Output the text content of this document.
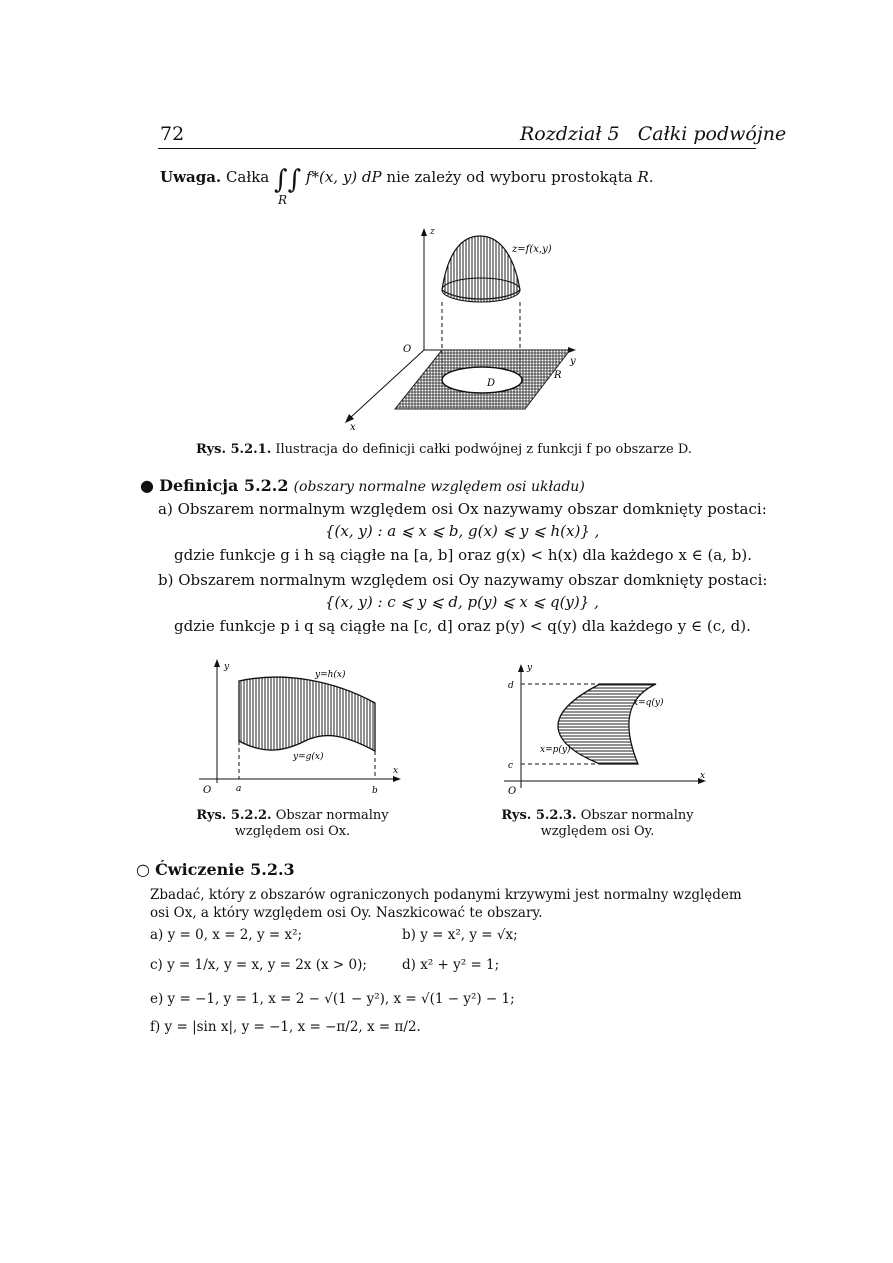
72	Rozdział 5   Całki podwójne
Uwaga. Całka ∫∫ f*(x, y) dP nie zależy od wyboru prostokąta R.
R
z
y
x
O
z=f(x,y)
D
R
Rys. 5.2.1. Ilustracja do definicji całki podwójnej z funkcji f po obszarze D.
● Definicja 5.2.2 (obszary normalne względem osi układu)
a) Obszarem normalnym względem osi Ox nazywamy obszar domknięty postaci:
{(x, y) : a ⩽ x ⩽ b, g(x) ⩽ y ⩽ h(x)} ,
gdzie funkcje g i h są ciągłe na [a, b] oraz g(x) < h(x) dla każdego x ∈ (a, b).
b) Obszarem normalnym względem osi Oy nazywamy obszar domknięty postaci:
{(x, y) : c ⩽ y ⩽ d, p(y) ⩽ x ⩽ q(y)} ,
gdzie funkcje p i q są ciągłe na [c, d] oraz p(y) < q(y) dla każdego y ∈ (c, d).
y
x
O	a	b
y=h(x)
y=g(x)
Rys. 5.2.2. Obszar normalny
względem osi Ox.
y
x
O
d
c
x=q(y)
x=p(y)
Rys. 5.2.3. Obszar normalny
względem osi Oy.
○ Ćwiczenie 5.2.3
Zbadać, który z obszarów ograniczonych podanymi krzywymi jest normalny względem
osi Ox, a który względem osi Oy. Naszkicować te obszary.
a) y = 0, x = 2, y = x²;	b) y = x², y = √x;
c) y = 1/x, y = x, y = 2x (x > 0);	d) x² + y² = 1;
e) y = −1, y = 1, x = 2 − √(1 − y²), x = √(1 − y²) − 1;
f) y = |sin x|, y = −1, x = −π/2, x = π/2.
